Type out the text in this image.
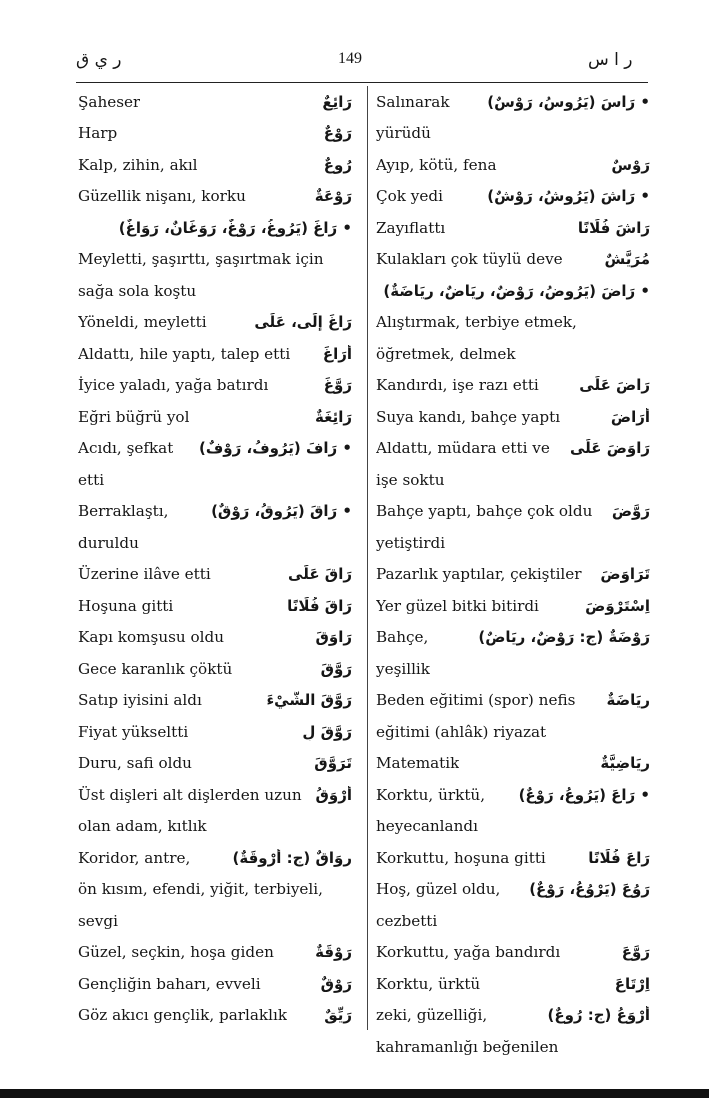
ر ي ق	149	ر ا س
Şaheser	رَائِعٌ
Harp	رَوْعٌ
Kalp, zihin, akıl	رُوعٌ
Güzellik nişanı, korku	رَوْعَةٌ
• رَاغَ (يَرُوغُ، رَوْغٌ، رَوَغَانٌ، رَوَاغٌ)
Meyletti, şaşırttı, şaşırtmak için
sağa sola koştu
Yöneldi, meyletti	رَاغَ إِلَى، عَلَى
Aldattı, hile yaptı, talep etti أَرَاغَ
İyice yaladı, yağa batırdı	رَوَّغَ
Eğri büğrü yol	رَائِغَةٌ
Acıdı, şefkat • رَافَ (يَرُوفُ، رَوْفٌ)
etti
Berraklaştı,	• رَاقَ (يَرُوقُ، رَوْقٌ)
duruldu
Üzerine ilâve etti	رَاقَ عَلَى
Hoşuna gitti	رَاقَ فُلَانًا
Kapı komşusu oldu	رَاوَقَ
Gece karanlık çöktü	رَوَّقَ
Satıp iyisini aldı	رَوَّقَ الشَّيْءَ
Fiyat yükseltti	رَوَّقَ لِ
Duru, safi oldu	تَرَوَّقَ
Üst dişleri alt dişlerden uzun أَرْوَقُ
olan adam, kıtlık
Koridor, antre,	رِوَاقٌ (ج: أَرْوِقَةٌ)
ön kısım, efendi, yiğit, terbiyeli,
sevgi
Güzel, seçkin, hoşa giden	رَوْقَةٌ
Gençliğin baharı, evveli	رَوْقٌ
Göz akıcı gençlik, parlaklık رَيِّقٌ
Salınarak	• رَاسَ (يَرُوسُ، رَوْسٌ)
yürüdü
Ayıp, kötü, fena	رَوْسٌ
Çok yedi	• رَاشَ (يَرُوشُ، رَوْشٌ)
Zayıflattı	رَاشَ فُلَانًا
Kulakları çok tüylü deve	مُرَيَّشٌ
• رَاضَ (يَرُوضُ، رَوْضٌ، رِيَاضٌ، رِيَاضَةٌ)
Alıştırmak, terbiye etmek,
öğretmek, delmek
Kandırdı, işe razı etti	رَاضَ عَلَى
Suya kandı, bahçe yaptı	أَرَاضَ
Aldattı, müdara etti ve رَاوَضَ عَلَى
işe soktu
Bahçe yaptı, bahçe çok oldu رَوَّضَ
yetiştirdi
Pazarlık yaptılar, çekiştiler تَرَاوَضَ
Yer güzel bitki bitirdi	اِسْتَرْوَضَ
Bahçe,	رَوْضَةٌ (ج: رَوْضٌ، رِيَاضٌ)
yeşillik
Beden eğitimi (spor) nefis رِيَاضَةٌ
eğitimi (ahlâk) riyazat
Matematik	رِيَاضِيَّةٌ
Korktu, ürktü, • رَاعَ (يَرُوعُ، رَوْعٌ)
heyecanlandı
Korkuttu, hoşuna gitti	رَاعَ فُلَانًا
Hoş, güzel oldu, رَوُعَ (يَرْوُعُ، رَوْعٌ)
cezbetti
Korkuttu, yağa bandırdı	رَوَّعَ
Korktu, ürktü	اِرْتَاعَ
zeki, güzelliği,	أَرْوَعُ (ج: رُوعٌ)
kahramanlığı beğenilen
